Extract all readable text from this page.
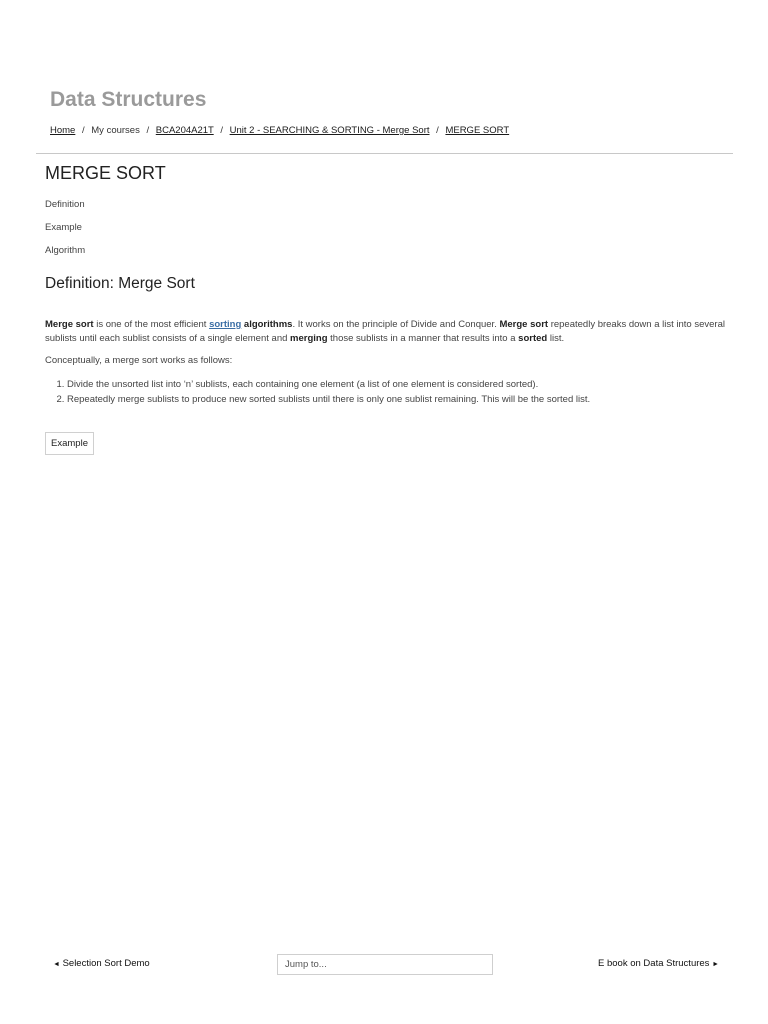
Data Structures
Home / My courses / BCA204A21T / Unit 2 - SEARCHING & SORTING - Merge Sort / MERGE SORT
MERGE SORT
Definition
Example
Algorithm
Definition: Merge Sort

Merge sort is one of the most efficient sorting algorithms. It works on the principle of Divide and Conquer. Merge sort repeatedly breaks down a list into several sublists until each sublist consists of a single element and merging those sublists in a manner that results into a sorted list.

Conceptually, a merge sort works as follows:

1. Divide the unsorted list into ‘n’ sublists, each containing one element (a list of one element is considered sorted).
2. Repeatedly merge sublists to produce new sorted sublists until there is only one sublist remaining. This will be the sorted list.
Example
◄ Selection Sort Demo	Jump to...	E book on Data Structures ►
